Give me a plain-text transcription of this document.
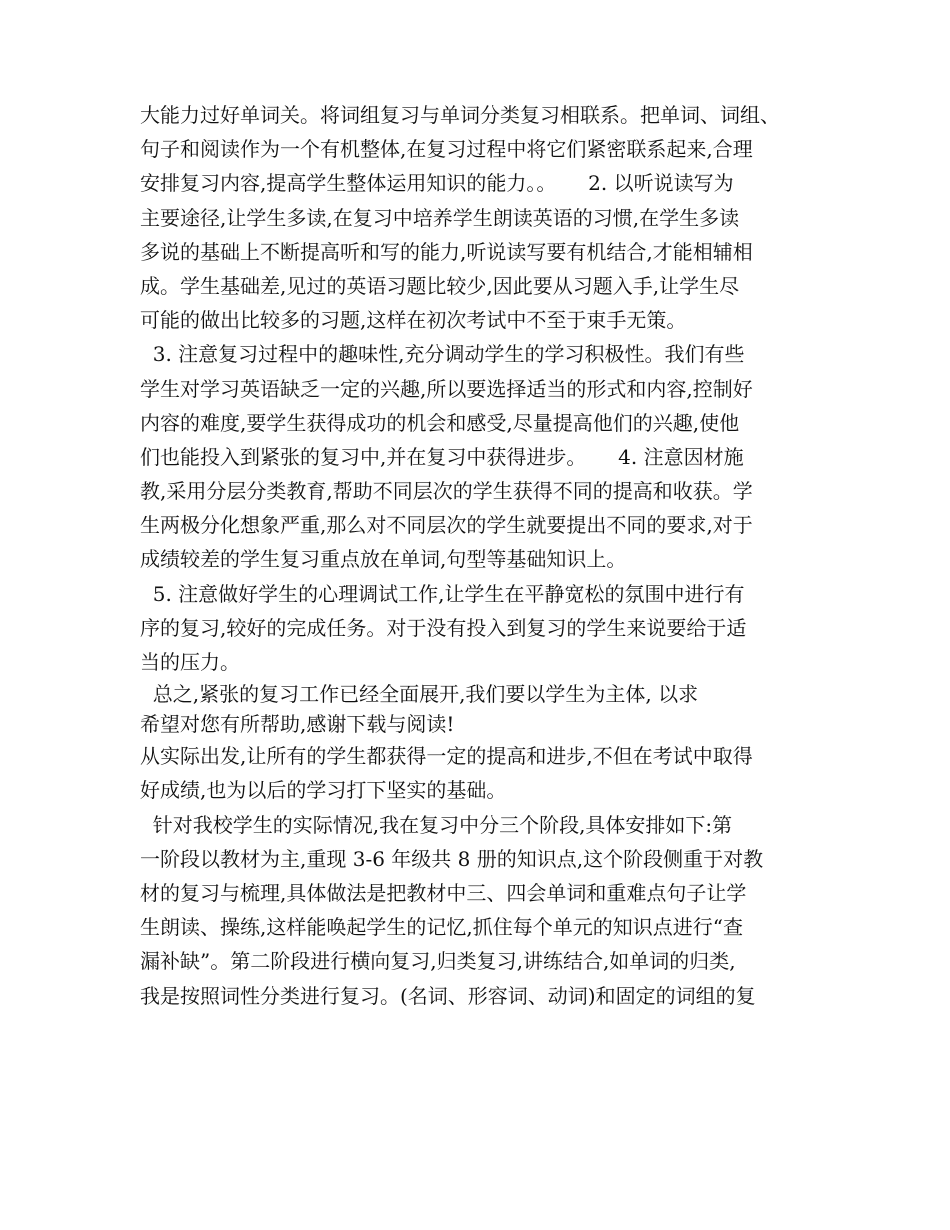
大能力过好单词关。将词组复习与单词分类复习相联系。把单词、词组、
句子和阅读作为一个有机整体,在复习过程中将它们紧密联系起来,合理
安排复习内容,提高学生整体运用知识的能力。。     2. 以听说读写为
主要途径,让学生多读,在复习中培养学生朗读英语的习惯,在学生多读
多说的基础上不断提高听和写的能力,听说读写要有机结合,才能相辅相
成。学生基础差,见过的英语习题比较少,因此要从习题入手,让学生尽
可能的做出比较多的习题,这样在初次考试中不至于束手无策。
3. 注意复习过程中的趣味性,充分调动学生的学习积极性。我们有些
学生对学习英语缺乏一定的兴趣,所以要选择适当的形式和内容,控制好
内容的难度,要学生获得成功的机会和感受,尽量提高他们的兴趣,使他
们也能投入到紧张的复习中,并在复习中获得进步。     4. 注意因材施
教,采用分层分类教育,帮助不同层次的学生获得不同的提高和收获。学
生两极分化想象严重,那么对不同层次的学生就要提出不同的要求,对于
成绩较差的学生复习重点放在单词,句型等基础知识上。
5. 注意做好学生的心理调试工作,让学生在平静宽松的氛围中进行有
序的复习,较好的完成任务。对于没有投入到复习的学生来说要给于适
当的压力。
总之,紧张的复习工作已经全面展开,我们要以学生为主体, 以求
希望对您有所帮助,感谢下载与阅读!
从实际出发,让所有的学生都获得一定的提高和进步,不但在考试中取得
好成绩,也为以后的学习打下坚实的基础。
针对我校学生的实际情况,我在复习中分三个阶段,具体安排如下:第
一阶段以教材为主,重现 3-6 年级共 8 册的知识点,这个阶段侧重于对教
材的复习与梳理,具体做法是把教材中三、四会单词和重难点句子让学
生朗读、操练,这样能唤起学生的记忆,抓住每个单元的知识点进行“查
漏补缺”。第二阶段进行横向复习,归类复习,讲练结合,如单词的归类,
我是按照词性分类进行复习。(名词、形容词、动词)和固定的词组的复
